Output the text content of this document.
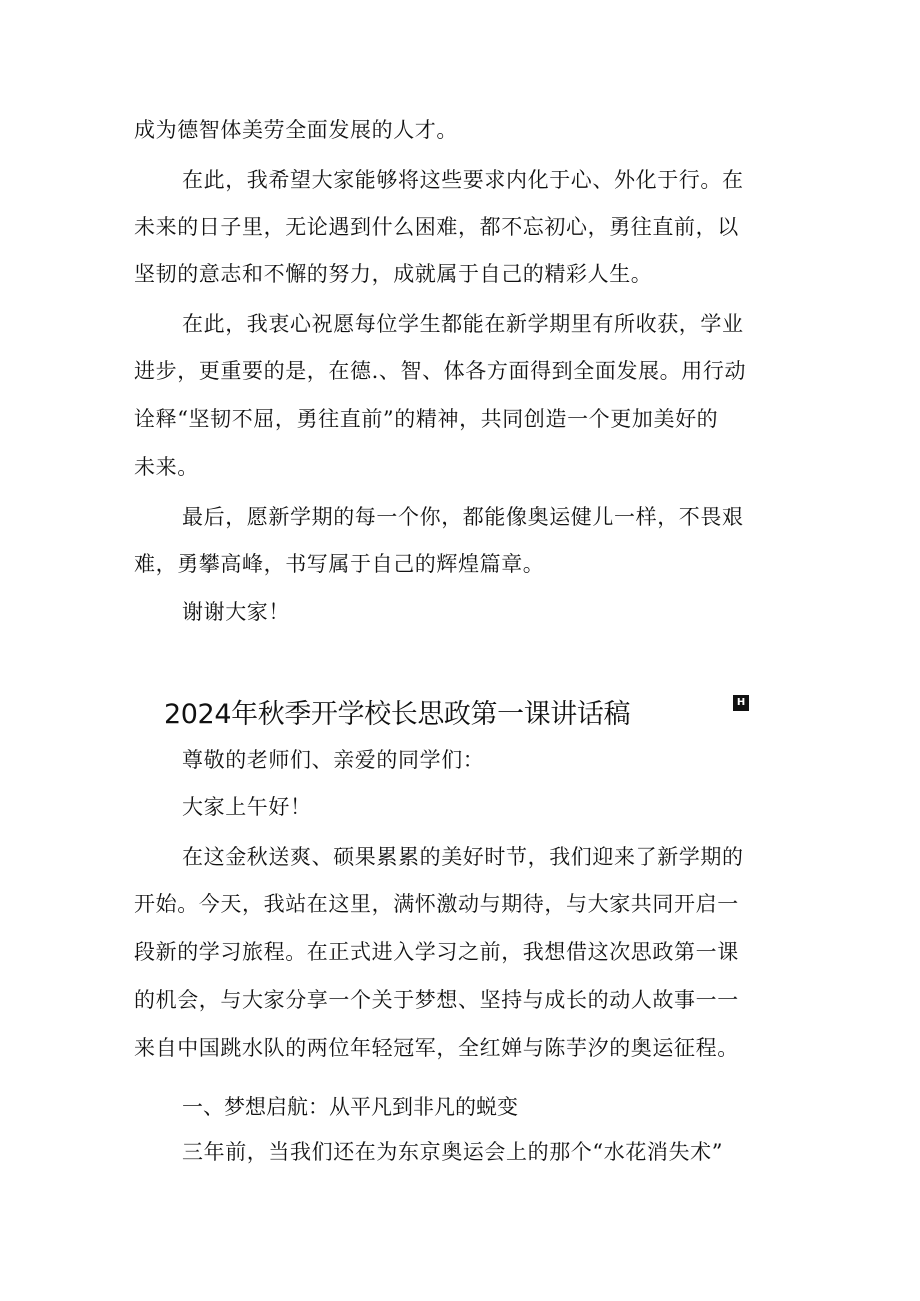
成为德智体美劳全面发展的人才。

在此，我希望大家能够将这些要求内化于心、外化于行。在

未来的日子里，无论遇到什么困难，都不忘初心，勇往直前，以

坚韧的意志和不懈的努力，成就属于自己的精彩人生。

在此，我衷心祝愿每位学生都能在新学期里有所收获，学业

进步，更重要的是，在德.、智、体各方面得到全面发展。用行动

诠释“坚韧不屈，勇往直前”的精神，共同创造一个更加美好的

未来。

最后，愿新学期的每一个你，都能像奥运健儿一样，不畏艰

难，勇攀高峰，书写属于自己的辉煌篇章。

谢谢大家！

2024年秋季开学校长思政第一课讲话稿	H

尊敬的老师们、亲爱的同学们：

大家上午好！

在这金秋送爽、硕果累累的美好时节，我们迎来了新学期的

开始。今天，我站在这里，满怀激动与期待，与大家共同开启一

段新的学习旅程。在正式进入学习之前，我想借这次思政第一课

的机会，与大家分享一个关于梦想、坚持与成长的动人故事一一

来自中国跳水队的两位年轻冠军，全红婵与陈芋汐的奥运征程。

一、梦想启航：从平凡到非凡的蜕变

三年前，当我们还在为东京奥运会上的那个“水花消失术”
